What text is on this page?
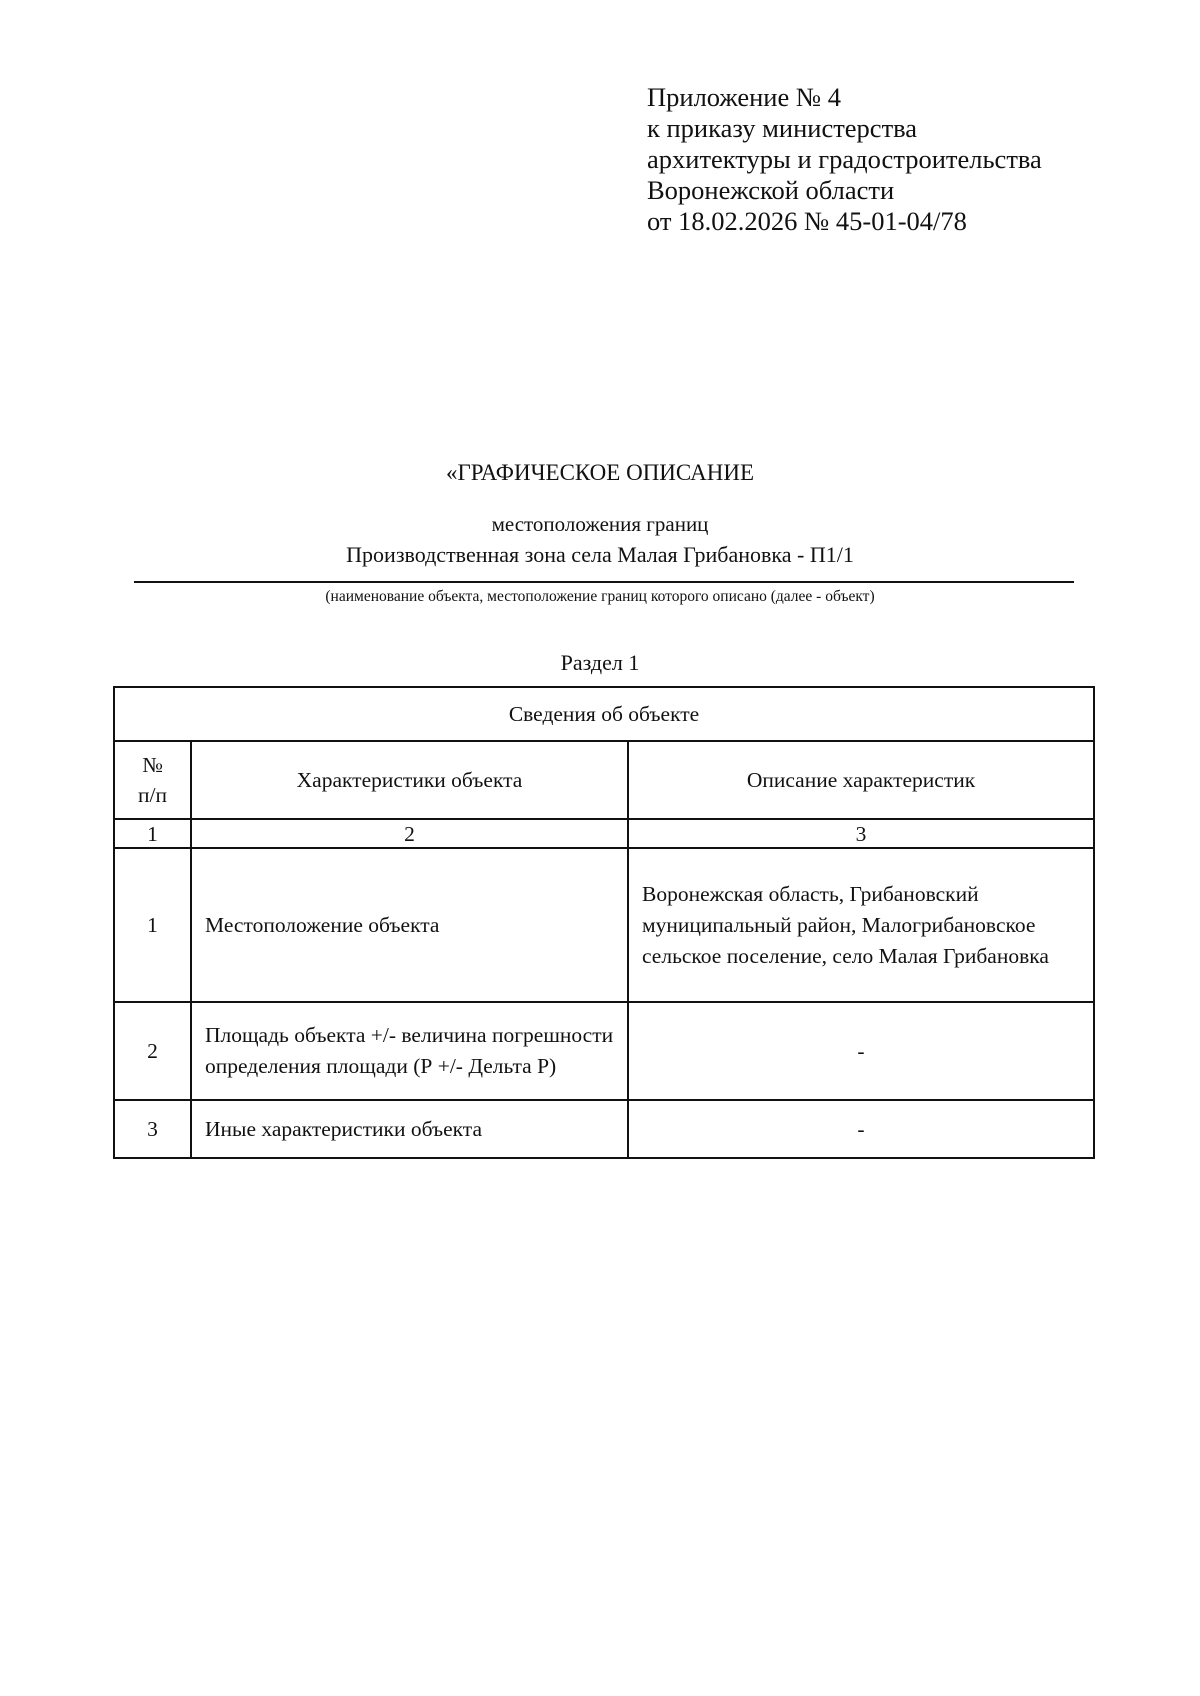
Приложение № 4
к приказу министерства
архитектуры и градостроительства
Воронежской области
от 18.02.2026 № 45-01-04/78
«ГРАФИЧЕСКОЕ ОПИСАНИЕ
местоположения границ
Производственная зона села Малая Грибановка - П1/1
(наименование объекта, местоположение границ которого описано (далее - объект)
Раздел 1
Сведения об объекте		

№
п/п	Характеристики объекта	Описание характеристик
1	2	3
1	Местоположение объекта	Воронежская область, Грибановский муниципальный район, Малогрибановское сельское поселение, село Малая Грибановка
2	Площадь объекта +/- величина погрешности определения площади (Р +/- Дельта Р)	-
3	Иные характеристики объекта	-
